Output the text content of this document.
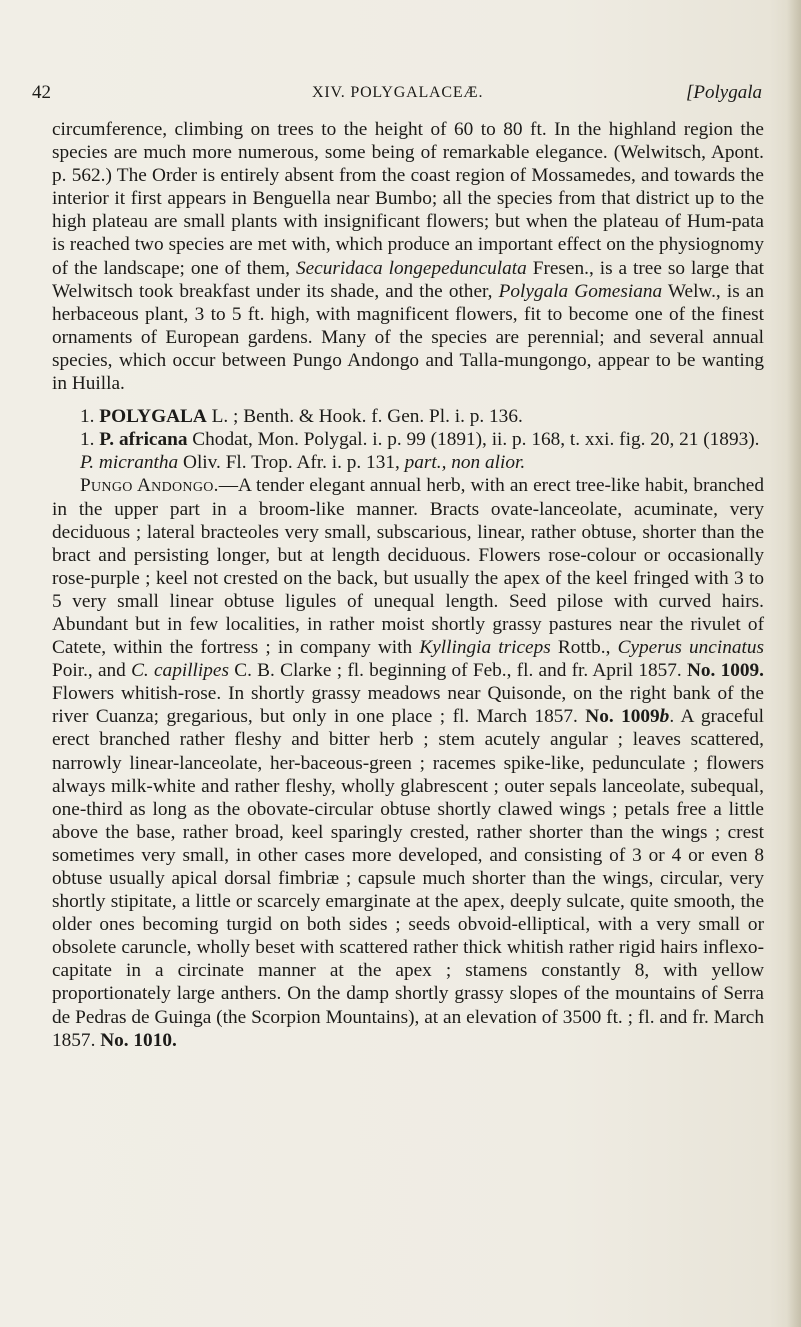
42	XIV. POLYGALACEÆ.	[Polygala

circumference, climbing on trees to the height of 60 to 80 ft. In the highland region the species are much more numerous, some being of remarkable elegance. (Welwitsch, Apont. p. 562.) The Order is entirely absent from the coast region of Mossamedes, and towards the interior it first appears in Benguella near Bumbo; all the species from that district up to the high plateau are small plants with insignificant flowers; but when the plateau of Hum-pata is reached two species are met with, which produce an important effect on the physiognomy of the landscape; one of them, Securidaca longepedunculata Fresen., is a tree so large that Welwitsch took breakfast under its shade, and the other, Polygala Gomesiana Welw., is an herbaceous plant, 3 to 5 ft. high, with magnificent flowers, fit to become one of the finest ornaments of European gardens. Many of the species are perennial; and several annual species, which occur between Pungo Andongo and Talla-mungongo, appear to be wanting in Huilla.

1. POLYGALA L. ; Benth. & Hook. f. Gen. Pl. i. p. 136.

1. P. africana Chodat, Mon. Polygal. i. p. 99 (1891), ii. p. 168, t. xxi. fig. 20, 21 (1893).

P. micrantha Oliv. Fl. Trop. Afr. i. p. 131, part., non alior.

Pungo Andongo.—A tender elegant annual herb, with an erect tree-like habit, branched in the upper part in a broom-like manner. Bracts ovate-lanceolate, acuminate, very deciduous ; lateral bracteoles very small, subscarious, linear, rather obtuse, shorter than the bract and persisting longer, but at length deciduous. Flowers rose-colour or occasionally rose-purple ; keel not crested on the back, but usually the apex of the keel fringed with 3 to 5 very small linear obtuse ligules of unequal length. Seed pilose with curved hairs. Abundant but in few localities, in rather moist shortly grassy pastures near the rivulet of Catete, within the fortress ; in company with Kyllingia triceps Rottb., Cyperus uncinatus Poir., and C. capillipes C. B. Clarke ; fl. beginning of Feb., fl. and fr. April 1857. No. 1009. Flowers whitish-rose. In shortly grassy meadows near Quisonde, on the right bank of the river Cuanza; gregarious, but only in one place ; fl. March 1857. No. 1009b. A graceful erect branched rather fleshy and bitter herb ; stem acutely angular ; leaves scattered, narrowly linear-lanceolate, her-baceous-green ; racemes spike-like, pedunculate ; flowers always milk-white and rather fleshy, wholly glabrescent ; outer sepals lanceolate, subequal, one-third as long as the obovate-circular obtuse shortly clawed wings ; petals free a little above the base, rather broad, keel sparingly crested, rather shorter than the wings ; crest sometimes very small, in other cases more developed, and consisting of 3 or 4 or even 8 obtuse usually apical dorsal fimbriæ ; capsule much shorter than the wings, circular, very shortly stipitate, a little or scarcely emarginate at the apex, deeply sulcate, quite smooth, the older ones becoming turgid on both sides ; seeds obvoid-elliptical, with a very small or obsolete caruncle, wholly beset with scattered rather thick whitish rather rigid hairs inflexo-capitate in a circinate manner at the apex ; stamens constantly 8, with yellow proportionately large anthers. On the damp shortly grassy slopes of the mountains of Serra de Pedras de Guinga (the Scorpion Mountains), at an elevation of 3500 ft. ; fl. and fr. March 1857. No. 1010.
